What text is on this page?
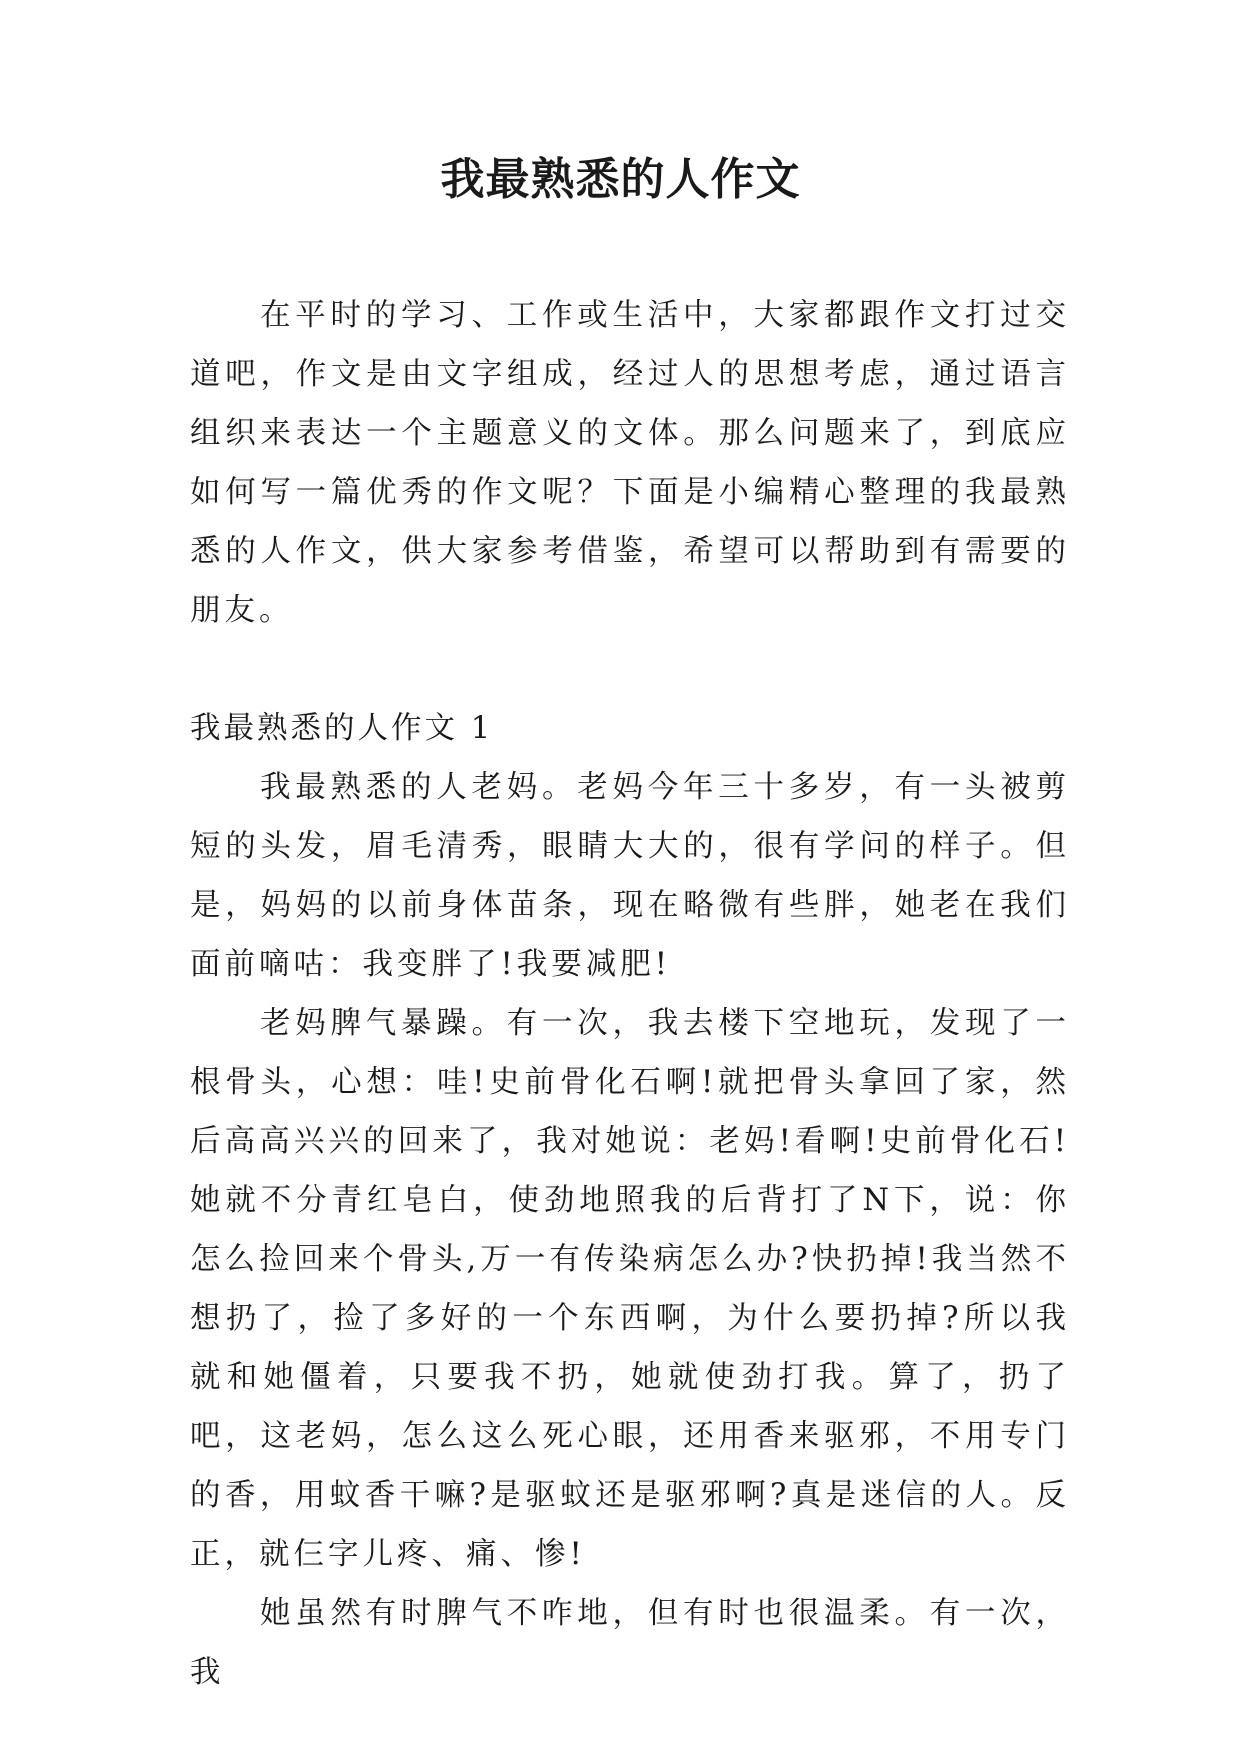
我最熟悉的人作文

在平时的学习、工作或生活中，大家都跟作文打过交道吧，作文是由文字组成，经过人的思想考虑，通过语言组织来表达一个主题意义的文体。那么问题来了，到底应如何写一篇优秀的作文呢？下面是小编精心整理的我最熟悉的人作文，供大家参考借鉴，希望可以帮助到有需要的朋友。

我最熟悉的人作文 1

我最熟悉的人老妈。老妈今年三十多岁，有一头被剪短的头发，眉毛清秀，眼睛大大的，很有学问的样子。但是，妈妈的以前身体苗条，现在略微有些胖，她老在我们面前嘀咕：我变胖了!我要减肥!

老妈脾气暴躁。有一次，我去楼下空地玩，发现了一根骨头，心想：哇!史前骨化石啊!就把骨头拿回了家，然后高高兴兴的回来了，我对她说：老妈!看啊!史前骨化石!她就不分青红皂白，使劲地照我的后背打了N下，说：你怎么捡回来个骨头,万一有传染病怎么办?快扔掉!我当然不想扔了，捡了多好的一个东西啊，为什么要扔掉?所以我就和她僵着，只要我不扔，她就使劲打我。算了，扔了吧，这老妈，怎么这么死心眼，还用香来驱邪，不用专门的香，用蚊香干嘛?是驱蚊还是驱邪啊?真是迷信的人。反正，就仨字儿疼、痛、惨!

她虽然有时脾气不咋地，但有时也很温柔。有一次，我
